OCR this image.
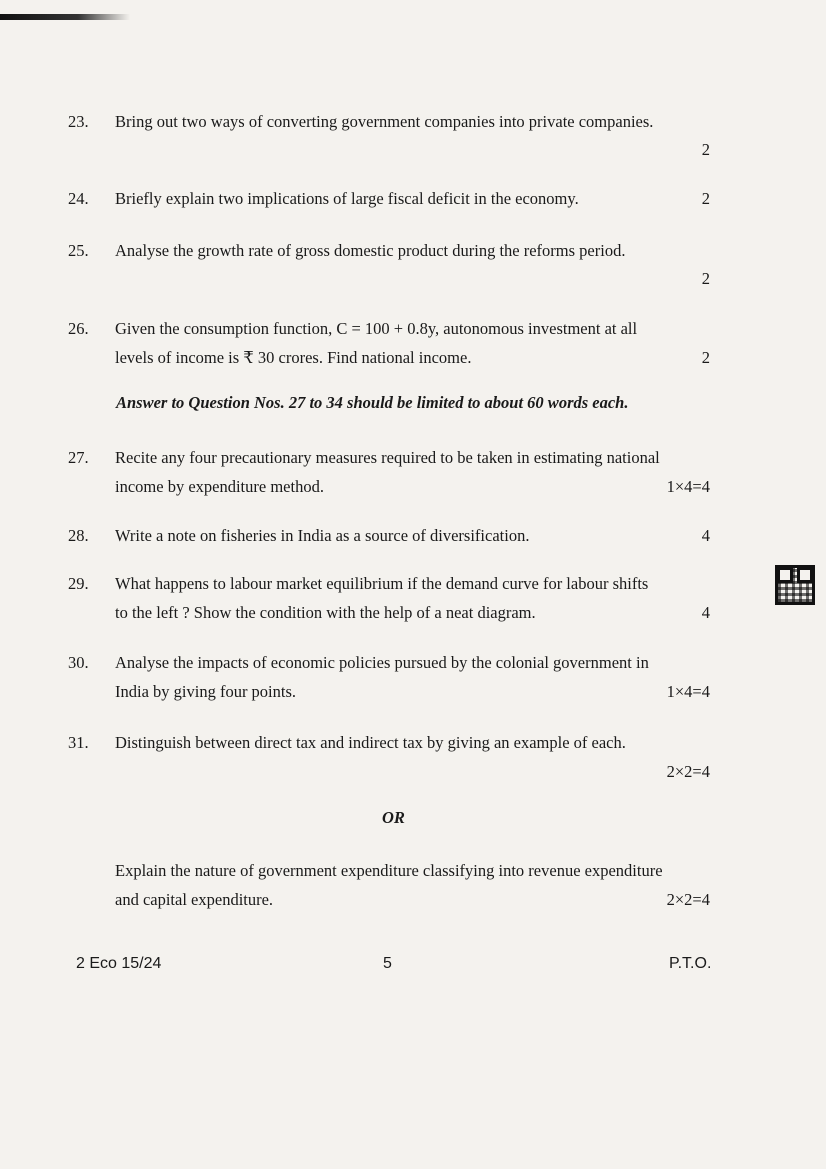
23.	Bring out two ways of converting government companies into private companies.
2
24.	Briefly explain two implications of large fiscal deficit in the economy.	2
25.	Analyse the growth rate of gross domestic product during the reforms period.
2
26.	Given the consumption function, C = 100 + 0.8y, autonomous investment at all
levels of income is ₹ 30 crores. Find national income.	2
Answer to Question Nos. 27 to 34 should be limited to about 60 words each.
27.	Recite any four precautionary measures required to be taken in estimating national
income by expenditure method.	1×4=4
28.	Write a note on fisheries in India as a source of diversification.	4
29.	What happens to labour market equilibrium if the demand curve for labour shifts
to the left ? Show the condition with the help of a neat diagram.	4
30.	Analyse the impacts of economic policies pursued by the colonial government in
India by giving four points.	1×4=4
31.	Distinguish between direct tax and indirect tax by giving an example of each.
2×2=4
OR
Explain the nature of government expenditure classifying into revenue expenditure
and capital expenditure.	2×2=4
2 Eco 15/24	5	P.T.O.
